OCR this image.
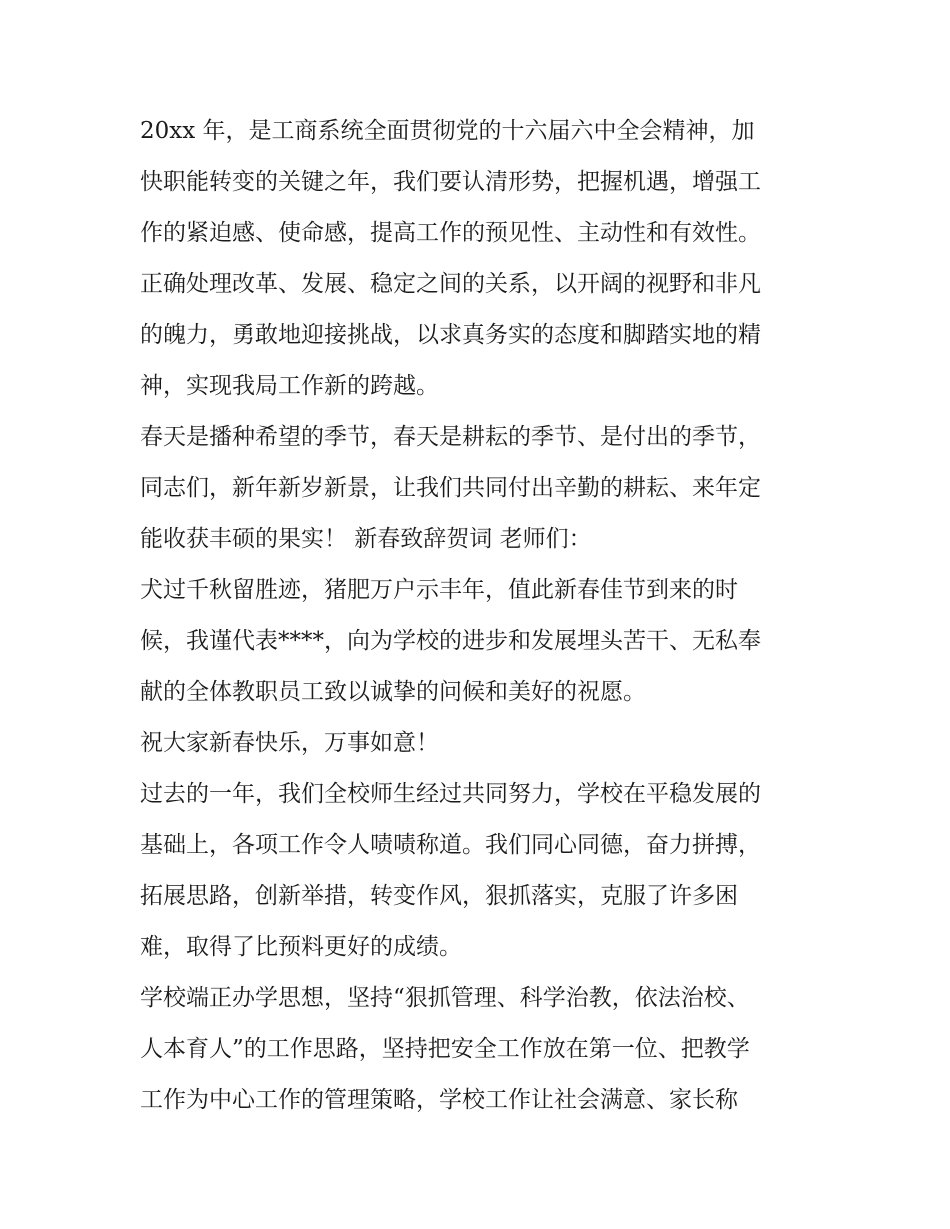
20xx 年，是工商系统全面贯彻党的十六届六中全会精神，加
快职能转变的关键之年，我们要认清形势，把握机遇，增强工
作的紧迫感、使命感，提高工作的预见性、主动性和有效性。
正确处理改革、发展、稳定之间的关系，以开阔的视野和非凡
的魄力，勇敢地迎接挑战，以求真务实的态度和脚踏实地的精
神，实现我局工作新的跨越。
春天是播种希望的季节，春天是耕耘的季节、是付出的季节，
同志们，新年新岁新景，让我们共同付出辛勤的耕耘、来年定
能收获丰硕的果实！ 新春致辞贺词 老师们：
犬过千秋留胜迹，猪肥万户示丰年，值此新春佳节到来的时
候，我谨代表****，向为学校的进步和发展埋头苦干、无私奉
献的全体教职员工致以诚挚的问候和美好的祝愿。
祝大家新春快乐，万事如意！
过去的一年，我们全校师生经过共同努力，学校在平稳发展的
基础上，各项工作令人啧啧称道。我们同心同德，奋力拼搏，
拓展思路，创新举措，转变作风，狠抓落实，克服了许多困
难，取得了比预料更好的成绩。
学校端正办学思想，坚持“狠抓管理、科学治教，依法治校、
人本育人”的工作思路，坚持把安全工作放在第一位、把教学
工作为中心工作的管理策略，学校工作让社会满意、家长称
